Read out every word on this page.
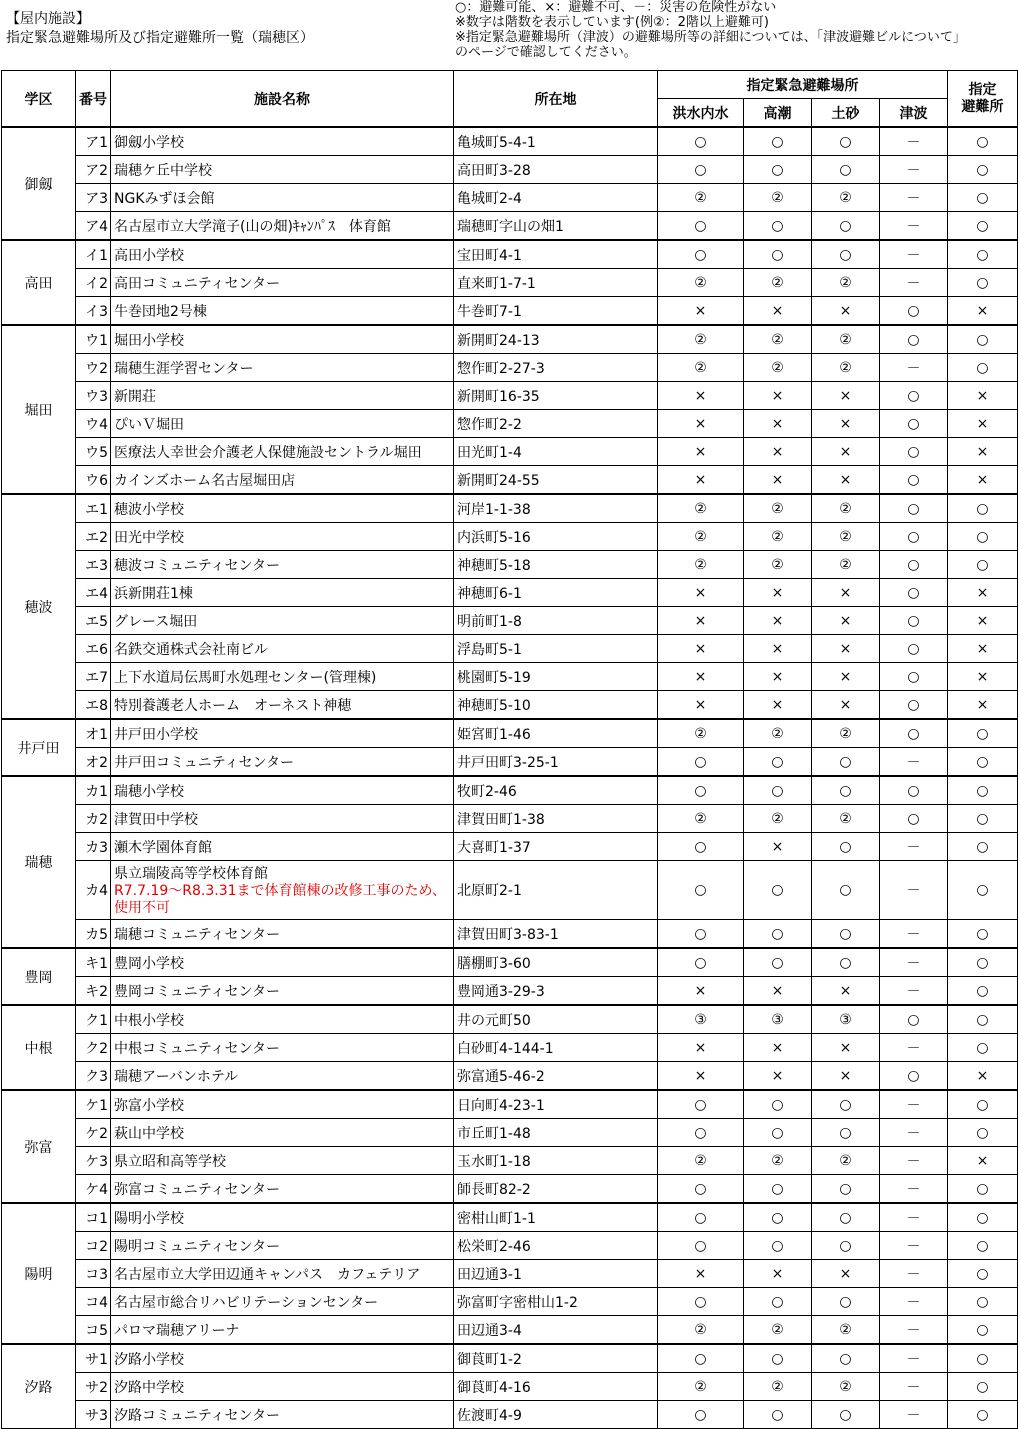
【屋内施設】
指定緊急避難場所及び指定避難所一覧（瑞穂区）
○：避難可能、×：避難不可、－：災害の危険性がない
※数字は階数を表示しています(例②：2階以上避難可)
※指定緊急避難場所（津波）の避難場所等の詳細については、「津波避難ビルについて」
のページで確認してください。
学区	番号	施設名称	所在地	指定緊急避難場所				指定
避難所
				洪水内水	高潮	土砂	津波	
御劔	ア1	御劔小学校	亀城町5-4-1	○	○	○	－	○
	ア2	瑞穂ケ丘中学校	高田町3-28	○	○	○	－	○
	ア3	NGKみずほ会館	亀城町2-4	②	②	②	－	○
	ア4	名古屋市立大学滝子(山の畑)ｷｬﾝﾊﾟｽ　体育館	瑞穂町字山の畑1	○	○	○	－	○
高田	イ1	高田小学校	宝田町4-1	○	○	○	－	○
	イ2	高田コミュニティセンター	直来町1-7-1	②	②	②	－	○
	イ3	牛巻団地2号棟	牛巻町7-1	×	×	×	○	×
堀田	ウ1	堀田小学校	新開町24-13	②	②	②	○	○
	ウ2	瑞穂生涯学習センター	惣作町2-27-3	②	②	②	－	○
	ウ3	新開荘	新開町16-35	×	×	×	○	×
	ウ4	ぴいＶ堀田	惣作町2-2	×	×	×	○	×
	ウ5	医療法人幸世会介護老人保健施設セントラル堀田	田光町1-4	×	×	×	○	×
	ウ6	カインズホーム名古屋堀田店	新開町24-55	×	×	×	○	×
穂波	エ1	穂波小学校	河岸1-1-38	②	②	②	○	○
	エ2	田光中学校	内浜町5-16	②	②	②	○	○
	エ3	穂波コミュニティセンター	神穂町5-18	②	②	②	○	○
	エ4	浜新開荘1棟	神穂町6-1	×	×	×	○	×
	エ5	グレース堀田	明前町1-8	×	×	×	○	×
	エ6	名鉄交通株式会社南ビル	浮島町5-1	×	×	×	○	×
	エ7	上下水道局伝馬町水処理センター(管理棟)	桃園町5-19	×	×	×	○	×
	エ8	特別養護老人ホーム　オーネスト神穂	神穂町5-10	×	×	×	○	×
井戸田	オ1	井戸田小学校	姫宮町1-46	②	②	②	○	○
	オ2	井戸田コミュニティセンター	井戸田町3-25-1	○	○	○	－	○
瑞穂	カ1	瑞穂小学校	牧町2-46	○	○	○	○	○
	カ2	津賀田中学校	津賀田町1-38	②	②	②	○	○
	カ3	瀬木学園体育館	大喜町1-37	○	×	○	－	○
	カ4	県立瑞陵高等学校体育館
R7.7.19～R8.3.31まで体育館棟の改修工事のため、使用不可	北原町2-1	○	○	○	－	○
	カ5	瑞穂コミュニティセンター	津賀田町3-83-1	○	○	○	－	○
豊岡	キ1	豊岡小学校	膳棚町3-60	○	○	○	－	○
	キ2	豊岡コミュニティセンター	豊岡通3-29-3	×	×	×	－	○
中根	ク1	中根小学校	井の元町50	③	③	③	○	○
	ク2	中根コミュニティセンター	白砂町4-144-1	×	×	×	－	○
	ク3	瑞穂アーバンホテル	弥富通5-46-2	×	×	×	○	×
弥富	ケ1	弥富小学校	日向町4-23-1	○	○	○	－	○
	ケ2	萩山中学校	市丘町1-48	○	○	○	－	○
	ケ3	県立昭和高等学校	玉水町1-18	②	②	②	－	×
	ケ4	弥富コミュニティセンター	師長町82-2	○	○	○	－	○
陽明	コ1	陽明小学校	密柑山町1-1	○	○	○	－	○
	コ2	陽明コミュニティセンター	松栄町2-46	○	○	○	－	○
	コ3	名古屋市立大学田辺通キャンパス　カフェテリア	田辺通3-1	×	×	×	－	○
	コ4	名古屋市総合リハビリテーションセンター	弥富町字密柑山1-2	○	○	○	－	○
	コ5	パロマ瑞穂アリーナ	田辺通3-4	②	②	②	－	○
汐路	サ1	汐路小学校	御莨町1-2	○	○	○	－	○
	サ2	汐路中学校	御莨町4-16	②	②	②	－	○
	サ3	汐路コミュニティセンター	佐渡町4-9	○	○	○	－	○
